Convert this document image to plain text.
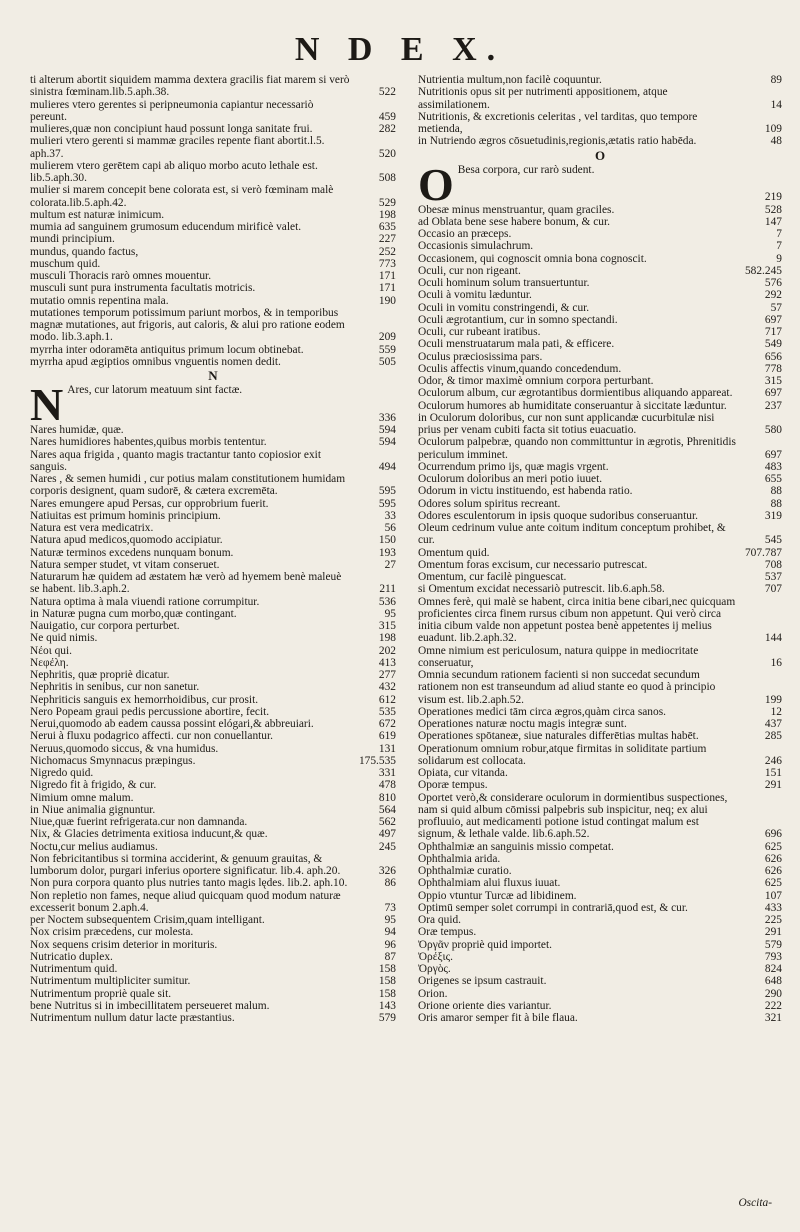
N D E X.
ti alterum abortit siquidem mamma dextera gracilis fiat marem si verò sinistra fœminam.lib.5.aph.38.	522
mulieres vtero gerentes si peripneumonia capiantur necessariò pereunt.	459
mulieres,quæ non concipiunt haud possunt longa sanitate frui.	282
mulieri vtero gerenti si mammæ graciles repente fiant abortit.l.5. aph.37.	520
mulierem vtero gerētem capi ab aliquo morbo acuto lethale est. lib.5.aph.30.	508
mulier si marem concepit bene colorata est, si verò fœminam malè colorata.lib.5.aph.42.	529
multum est naturæ inimicum.	198
mumia ad sanguinem grumosum educendum mirificè valet.	635
mundi principium.	227
mundus, quando factus,	252
muschum quid.	773
musculi Thoracis rarò omnes mouentur.	171
musculi sunt pura instrumenta facultatis motricis.	171
mutatio omnis repentina mala.	190
mutationes temporum potissimum pariunt morbos, & in temporibus magnæ mutationes, aut frigoris, aut caloris, & alui pro ratione eodem modo. lib.3.aph.1.	209
myrrha inter odoramēta antiquitus primum locum obtinebat.	559
myrrha apud ægiptios omnibus vnguentis nomen dedit.	505
N
N Ares, cur latorum meatuum sint factæ.
336
Nares humidæ, quæ.	594
Nares humidiores habentes,quibus morbis tententur.	594
Nares aqua frigida , quanto magis tractantur tanto copiosior exit sanguis.	494
Nares , & semen humidi , cur potius malam constitutionem humidam corporis designent, quam sudorē, & cætera excremēta.	595
Nares emungere apud Persas, cur opprobrium fuerit.	595
Natiuitas est primum hominis principium.	33
Natura est vera medicatrix.	56
Natura apud medicos,quomodo accipiatur.	150
Naturæ terminos excedens nunquam bonum.	193
Natura semper studet, vt vitam conseruet.	27
Naturarum hæ quidem ad æstatem hæ verò ad hyemem benè maleuè se habent. lib.3.aph.2.	211
Natura optima à mala viuendi ratione corrumpitur.	536
in Naturæ pugna cum morbo,quæ contingant.	95
Nauigatio, cur corpora perturbet.	315
Ne quid nimis.	198
Νέοι qui.	202
Νεφέλη.	413
Nephritis, quæ propriè dicatur.	277
Nephritis in senibus, cur non sanetur.	432
Nephriticis sanguis ex hemorrhoidibus, cur prosit.	612
Nero Popeam graui pedis percussione abortire, fecit.	535
Nerui,quomodo ab eadem caussa possint elógari,& abbreuiari.	672
Nerui à fluxu podagrico affecti. cur non conuellantur.	619
Neruus,quomodo siccus, & vna humidus.	131
Nichomacus Smynnacus præpingus.	175.535
Nigredo quid.	331
Nigredo fit à frigido, & cur.	478
Nimium omne malum.	810
in Niue animalia gignuntur.	564
Niue,quæ fuerint refrigerata.cur non damnanda.	562
Nix, & Glacies detrimenta exitiosa inducunt,& quæ.	497
Noctu,cur melius audiamus.	245
Non febricitantibus si tormina acciderint, & genuum grauitas, & lumborum dolor, purgari inferius oportere significatur. lib.4. aph.20.	326
Non pura corpora quanto plus nutries tanto magis lędes. lib.2. aph.10.	86
Non repletio non fames, neque aliud quicquam quod modum naturæ excesserit bonum 2.aph.4.	73
per Noctem subsequentem Crisim,quam intelligant.	95
Nox crisim præcedens, cur molesta.	94
Nox sequens crisim deterior in morituris.	96
Nutricatio duplex.	87
Nutrimentum quid.	158
Nutrimentum multipliciter sumitur.	158
Nutrimentum propriè quale sit.	158
bene Nutritus si in imbecillitatem perseueret malum.	143
Nutrimentum nullum datur lacte præstantius.	579
Nutrientia multum,non facilè coquuntur.	89
Nutritionis opus sit per nutrimenti appositionem, atque assimilationem.	14
Nutritionis, & excretionis celeritas , vel tarditas, quo tempore metienda,	109
in Nutriendo ægros cōsuetudinis,regionis,ætatis ratio habēda.	48
O
O Besa corpora, cur rarò sudent.
219
Obesæ minus menstruantur, quam graciles.	528
ad Oblata bene sese habere bonum, & cur.	147
Occasio an præceps.	7
Occasionis simulachrum.	7
Occasionem, qui cognoscit omnia bona cognoscit.	9
Oculi, cur non rigeant.	582.245
Oculi hominum solum transuertuntur.	576
Oculi à vomitu læduntur.	292
Oculi in vomitu constringendi, & cur.	57
Oculi ægrotantium, cur in somno spectandi.	697
Oculi, cur rubeant iratibus.	717
Oculi menstruatarum mala pati, & efficere.	549
Oculus præciosissima pars.	656
Oculis affectis vinum,quando concedendum.	778
Odor, & timor maximè omnium corpora perturbant.	315
Oculorum album, cur ægrotantibus dormientibus aliquando appareat.	697
Oculorum humores ab humiditate conseruantur à siccitate læduntur.	237
in Oculorum doloribus, cur non sunt applicandæ cucurbitulæ nisi prius per venam cubiti facta sit totius euacuatio.	580
Oculorum palpebræ, quando non committuntur in ægrotis, Phrenitidis periculum imminet.	697
Ocurrendum primo ijs, quæ magis vrgent.	483
Oculorum doloribus an meri potio iuuet.	655
Odorum in victu instituendo, est habenda ratio.	88
Odores solum spiritus recreant.	88
Odores esculentorum in ipsis quoque sudoribus conseruantur.	319
Oleum cedrinum vulue ante coitum inditum conceptum prohibet, & cur.	545
Omentum quid.	707.787
Omentum foras excisum, cur necessario putrescat.	708
Omentum, cur facilè pinguescat.	537
si Omentum excidat necessariò putrescit. lib.6.aph.58.	707
Omnes ferè, qui malè se habent, circa initia bene cibari,nec quicquam proficientes circa finem rursus cibum non appetunt. Qui verò circa initia cibum valde non appetunt postea benè appetentes ij melius euadunt. lib.2.aph.32.	144
Omne nimium est periculosum, natura quippe in mediocritate conseruatur,	16
Omnia secundum rationem facienti si non succedat secundum rationem non est transeundum ad aliud stante eo quod à principio visum est. lib.2.aph.52.	199
Operationes medici tām circa ægros,quàm circa sanos.	12
Operationes naturæ noctu magis integræ sunt.	437
Operationes spōtaneæ, siue naturales differētias multas habēt.	285
Operationum omnium robur,atque firmitas in soliditate partium solidarum est collocata.	246
Opiata, cur vitanda.	151
Oporæ tempus.	291
Oportet verò,& considerare oculorum in dormientibus suspectiones, nam si quid album cōmissi palpebris sub inspicitur, neq; ex alui profluuio, aut medicamenti potione istud contingat malum est signum, & lethale valde. lib.6.aph.52.	696
Ophthalmiæ an sanguinis missio competat.	625
Ophthalmia arida.	626
Ophthalmiæ curatio.	626
Ophthalmiam alui fluxus iuuat.	625
Oppio vtuntur Turcæ ad libidinem.	107
Optimū semper solet corrumpi in contrariā,quod est, & cur.	433
Ora quid.	225
Oræ tempus.	291
Ὀργᾶν propriè quid importet.	579
Ὀρέξις.	793
Ὀργὸς.	824
Origenes se ipsum castrauit.	648
Orion.	290
Orione oriente dies variantur.	222
Oris amaror semper fit à bile flaua.	321
Oscita-
